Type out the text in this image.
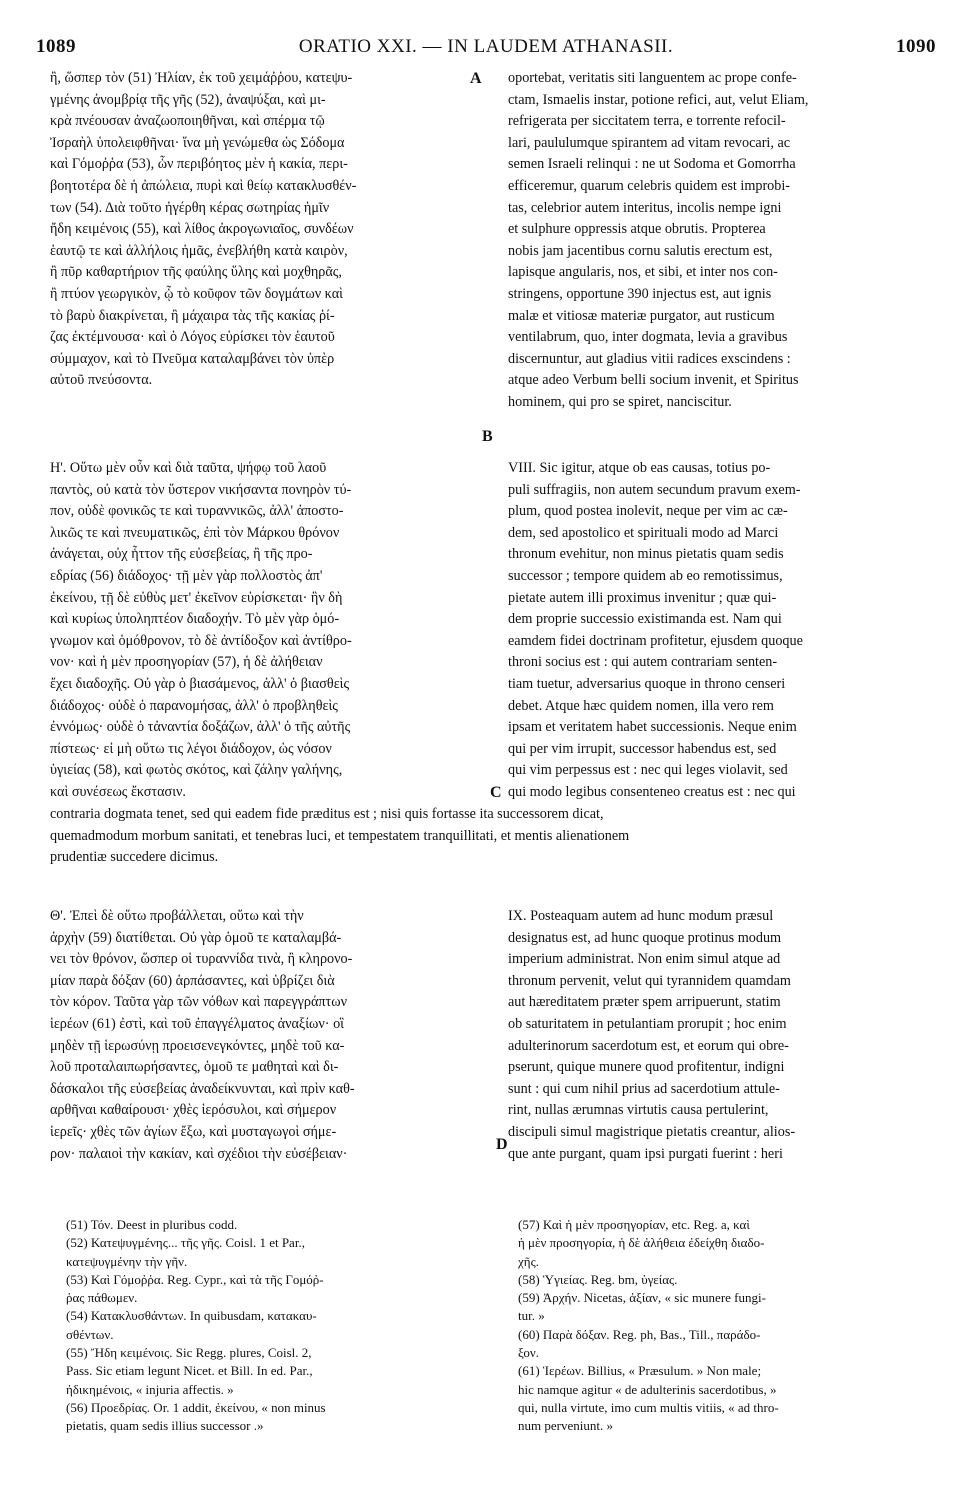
1089	ORATIO XXI. — IN LAUDEM ATHANASII.	1090
ἢ, ὥσπερ τὸν (51) Ἠλίαν, ἐκ τοῦ χειμάῤῥου, κατεψυ-
γμένης ἀνομβρίᾳ τῆς γῆς (52), ἀναψύξαι, καὶ μι-
κρὰ πνέουσαν ἀναζωοποιηθῆναι, καὶ σπέρμα τῷ
Ἰσραὴλ ὑπολειφθῆναι· ἵνα μὴ γενώμεθα ὡς Σόδομα
καὶ Γόμοῤῥα (53), ὧν περιβόητος μὲν ἡ κακία, περι-
βοητοτέρα δὲ ἡ ἀπώλεια, πυρὶ καὶ θείῳ κατακλυσθέν-
των (54). Διὰ τοῦτο ἠγέρθη κέρας σωτηρίας ἡμῖν
ἤδη κειμένοις (55), καὶ λίθος ἀκρογωνιαῖος, συνδέων
ἑαυτῷ τε καὶ ἀλλήλοις ἡμᾶς, ἐνεβλήθη κατὰ καιρὸν,
ἢ πῦρ καθαρτήριον τῆς φαύλης ὕλης καὶ μοχθηρᾶς,
ἢ πτύον γεωργικὸν, ᾧ τὸ κοῦφον τῶν δογμάτων καὶ
τὸ βαρὺ διακρίνεται, ἢ μάχαιρα τὰς τῆς κακίας ῥί-
ζας ἐκτέμνουσα· καὶ ὁ Λόγος εὑρίσκει τὸν ἑαυτοῦ
σύμμαχον, καὶ τὸ Πνεῦμα καταλαμβάνει τὸν ὑπὲρ
αὐτοῦ πνεύσοντα.
A oportebat, veritatis siti languentem ac prope confe-
ctam, Ismaelis instar, potione refici, aut, velut Eliam,
refrigerata per siccitatem terra, e torrente refocil-
lari, paululumque spirantem ad vitam revocari, ac
semen Israeli relinqui : ne ut Sodoma et Gomorrha
efficeremur, quarum celebris quidem est improbi-
tas, celebrior autem interitus, incolis nempe igni
et sulphure oppressis atque obrutis. Propterea
nobis jam jacentibus cornu salutis erectum est,
lapisque angularis, nos, et sibi, et inter nos con-
stringens, opportune 390 injectus est, aut ignis
malæ et vitiosæ materiæ purgator, aut rusticum
ventilabrum, quo, inter dogmata, levia a gravibus
discernuntur, aut gladius vitii radices exscindens :
atque adeo Verbum belli socium invenit, et Spiritus
hominem, qui pro se spiret, nanciscitur.
B
Η'. Οὕτω μὲν οὖν καὶ διὰ ταῦτα, ψήφῳ τοῦ λαοῦ
παντὸς, οὐ κατὰ τὸν ὕστερον νικήσαντα πονηρὸν τύ-
πον, οὐδὲ φονικῶς τε καὶ τυραννικῶς, ἀλλ' ἀποστο-
λικῶς τε καὶ πνευματικῶς, ἐπὶ τὸν Μάρκου θρόνον
ἀνάγεται, οὐχ ἧττον τῆς εὐσεβείας, ἢ τῆς προ-
εδρίας (56) διάδοχος· τῇ μὲν γὰρ πολλοστὸς ἀπ'
ἐκείνου, τῇ δὲ εὐθὺς μετ' ἐκεῖνον εὑρίσκεται· ἣν δὴ
καὶ κυρίως ὑποληπτέον διαδοχήν. Τὸ μὲν γὰρ ὁμό-
γνωμον καὶ ὁμόθρονον, τὸ δὲ ἀντίδοξον καὶ ἀντίθρο-
νον· καὶ ἡ μὲν προσηγορίαν (57), ἡ δὲ ἀλήθειαν
ἔχει διαδοχῆς. Οὐ γὰρ ὁ βιασάμενος, ἀλλ' ὁ βιασθεὶς
διάδοχος· οὐδὲ ὁ παρανομήσας, ἀλλ' ὁ προβληθεὶς
ἐννόμως· οὐδὲ ὁ τἀναντία δοξάζων, ἀλλ' ὁ τῆς αὐτῆς
πίστεως· εἰ μὴ οὕτω τις λέγοι διάδοχον, ὡς νόσον
ὑγιείας (58), καὶ φωτὸς σκότος, καὶ ζάλην γαλήνης,
καὶ συνέσεως ἔκστασιν.	C
VIII. Sic igitur, atque ob eas causas, totius po-
puli suffragiis, non autem secundum pravum exem-
plum, quod postea inolevit, neque per vim ac cæ-
dem, sed apostolico et spirituali modo ad Marci
thronum evehitur, non minus pietatis quam sedis
successor ; tempore quidem ab eo remotissimus,
pietate autem illi proximus invenitur ; quæ qui-
dem proprie successio existimanda est. Nam qui
eamdem fidei doctrinam profitetur, ejusdem quoque
throni socius est : qui autem contrariam senten-
tiam tuetur, adversarius quoque in throno censeri
debet. Atque hæc quidem nomen, illa vero rem
ipsam et veritatem habet successionis. Neque enim
qui per vim irrupit, successor habendus est, sed
qui vim perpessus est : nec qui leges violavit, sed
qui modo legibus consenteneo creatus est : nec qui
contraria dogmata tenet, sed qui eadem fide præditus est ; nisi quis fortasse ita successorem dicat,
quemadmodum morbum sanitati, et tenebras luci, et tempestatem tranquillitati, et mentis alienationem
prudentiæ succedere dicimus.
Θ'. Ἐπεὶ δὲ οὕτω προβάλλεται, οὕτω καὶ τὴν
ἀρχὴν (59) διατίθεται. Οὐ γὰρ ὁμοῦ τε καταλαμβά-
νει τὸν θρόνον, ὥσπερ οἱ τυραννίδα τινὰ, ἢ κληρονο-
μίαν παρὰ δόξαν (60) ἁρπάσαντες, καὶ ὑβρίζει διὰ
τὸν κόρον. Ταῦτα γὰρ τῶν νόθων καὶ παρεγγράπτων
ἱερέων (61) ἐστὶ, καὶ τοῦ ἐπαγγέλματος ἀναξίων· οἳ
μηδὲν τῇ ἱερωσύνῃ προεισενεγκόντες, μηδὲ τοῦ κα-
λοῦ προταλαιπωρήσαντες, ὁμοῦ τε μαθηταὶ καὶ δι-
δάσκαλοι τῆς εὐσεβείας ἀναδείκνυνται, καὶ πρὶν καθ-
αρθῆναι καθαίρουσι· χθὲς ἱερόσυλοι, καὶ σήμερον
ἱερεῖς· χθὲς τῶν ἁγίων ἔξω, καὶ μυσταγωγοὶ σήμε-
ρον· παλαιοὶ τὴν κακίαν, καὶ σχέδιοι τὴν εὐσέβειαν·
D
IX. Posteaquam autem ad hunc modum præsul
designatus est, ad hunc quoque protinus modum
imperium administrat. Non enim simul atque ad
thronum pervenit, velut qui tyrannidem quamdam
aut hæreditatem præter spem arripuerunt, statim
ob saturitatem in petulantiam prorupit ; hoc enim
adulterinorum sacerdotum est, et eorum qui obre-
pserunt, quique munere quod profitentur, indigni
sunt : qui cum nihil prius ad sacerdotium attule-
rint, nullas ærumnas virtutis causa pertulerint,
discipuli simul magistrique pietatis creantur, alios-
que ante purgant, quam ipsi purgati fuerint : heri
(51) Τόν. Deest in pluribus codd.
(52) Κατεψυγμένης... τῆς γῆς. Coisl. 1 et Par.,
κατεψυγμένην τὴν γῆν.
(53) Καὶ Γόμοῤῥα. Reg. Cypr., καὶ τὰ τῆς Γομόῤ-
ῥας πάθωμεν.
(54) Κατακλυσθάντων. In quibusdam, κατακαυ-
σθέντων.
(55) Ἤδη κειμένοις. Sic Regg. plures, Coisl. 2,
Pass. Sic etiam legunt Nicet. et Bill. In ed. Par.,
ἠδικημένοις, « injuria affectis. »
(56) Προεδρίας. Or. 1 addit, ἐκείνου, « non minus
pietatis, quam sedis illius successor .»
(57) Καὶ ἡ μὲν προσηγορίαν, etc. Reg. a, καὶ
ἡ μὲν προσηγορία, ἡ δὲ ἀλήθεια ἐδείχθη διαδο-
χῆς.
(58) Ὑγιείας. Reg. bm, ὑγείας.
(59) Ἀρχήν. Nicetas, ἀξίαν, « sic munere fungi-
tur. »
(60) Παρὰ δόξαν. Reg. ph, Bas., Till., παράδο-
ξον.
(61) Ἱερέων. Billius, « Præsulum. » Non male;
hic namque agitur « de adulterinis sacerdotibus, »
qui, nulla virtute, imo cum multis vitiis, « ad thro-
num perveniunt. »
